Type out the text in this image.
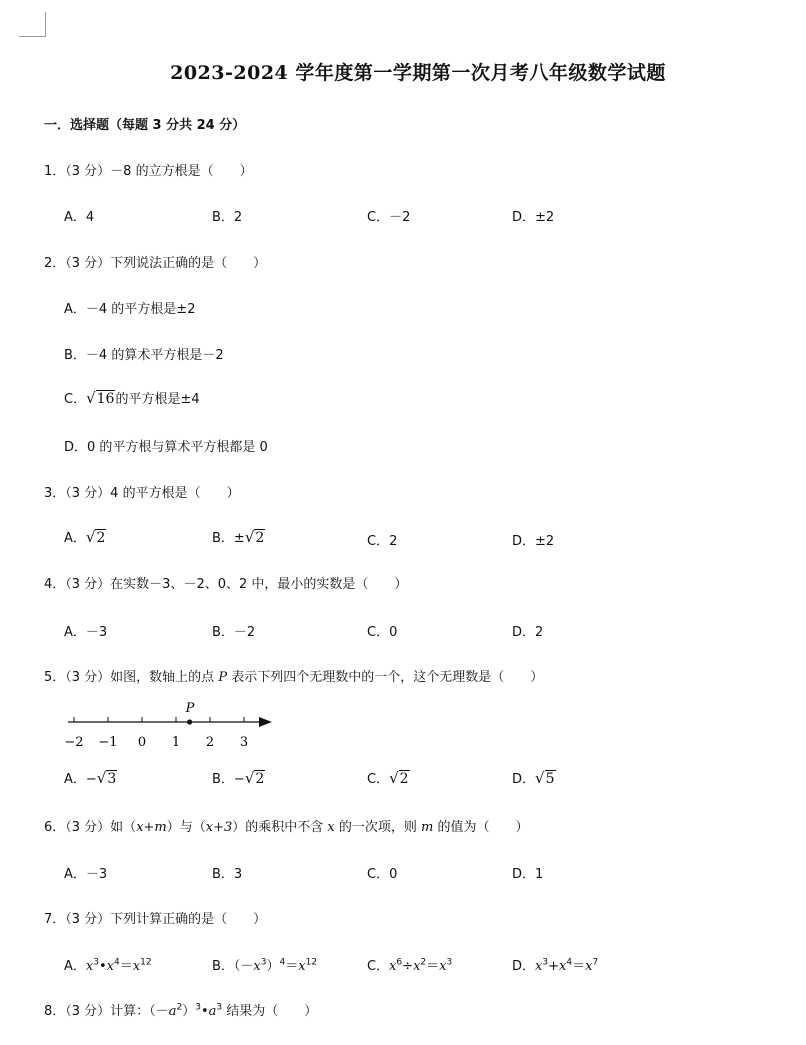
2023-2024 学年度第一学期第一次月考八年级数学试题
一．选择题（每题 3 分共 24 分）
1．（3 分）－8 的立方根是（　　）
A．4	B．2	C．－2	D．±2
2．（3 分）下列说法正确的是（　　）
A．－4 的平方根是±2
B．－4 的算术平方根是－2
C．√16的平方根是±4
D．0 的平方根与算术平方根都是 0
3．（3 分）4 的平方根是（　　）
A．√2	B．±√2	C．2	D．±2
4．（3 分）在实数－3、－2、0、2 中，最小的实数是（　　）
A．－3	B．－2	C．0	D．2
5．（3 分）如图，数轴上的点 P 表示下列四个无理数中的一个，这个无理数是（　　）
−2 −1 0 1 2 3
P
A．−√3	B．−√2	C．√2	D．√5
6．（3 分）如（x+m）与（x+3）的乘积中不含 x 的一次项，则 m 的值为（　　）
A．－3	B．3	C．0	D．1
7．（3 分）下列计算正确的是（　　）
A．$x^3•x^4=x^{12}$	B．$(-x^3)^4=x^{12}$	C．$x^6\div x^2=x^3$	D．$x^3+x^4=x^7$
8．（3 分）计算：$(-a^2)^3•a^3$ 结果为（　　）
